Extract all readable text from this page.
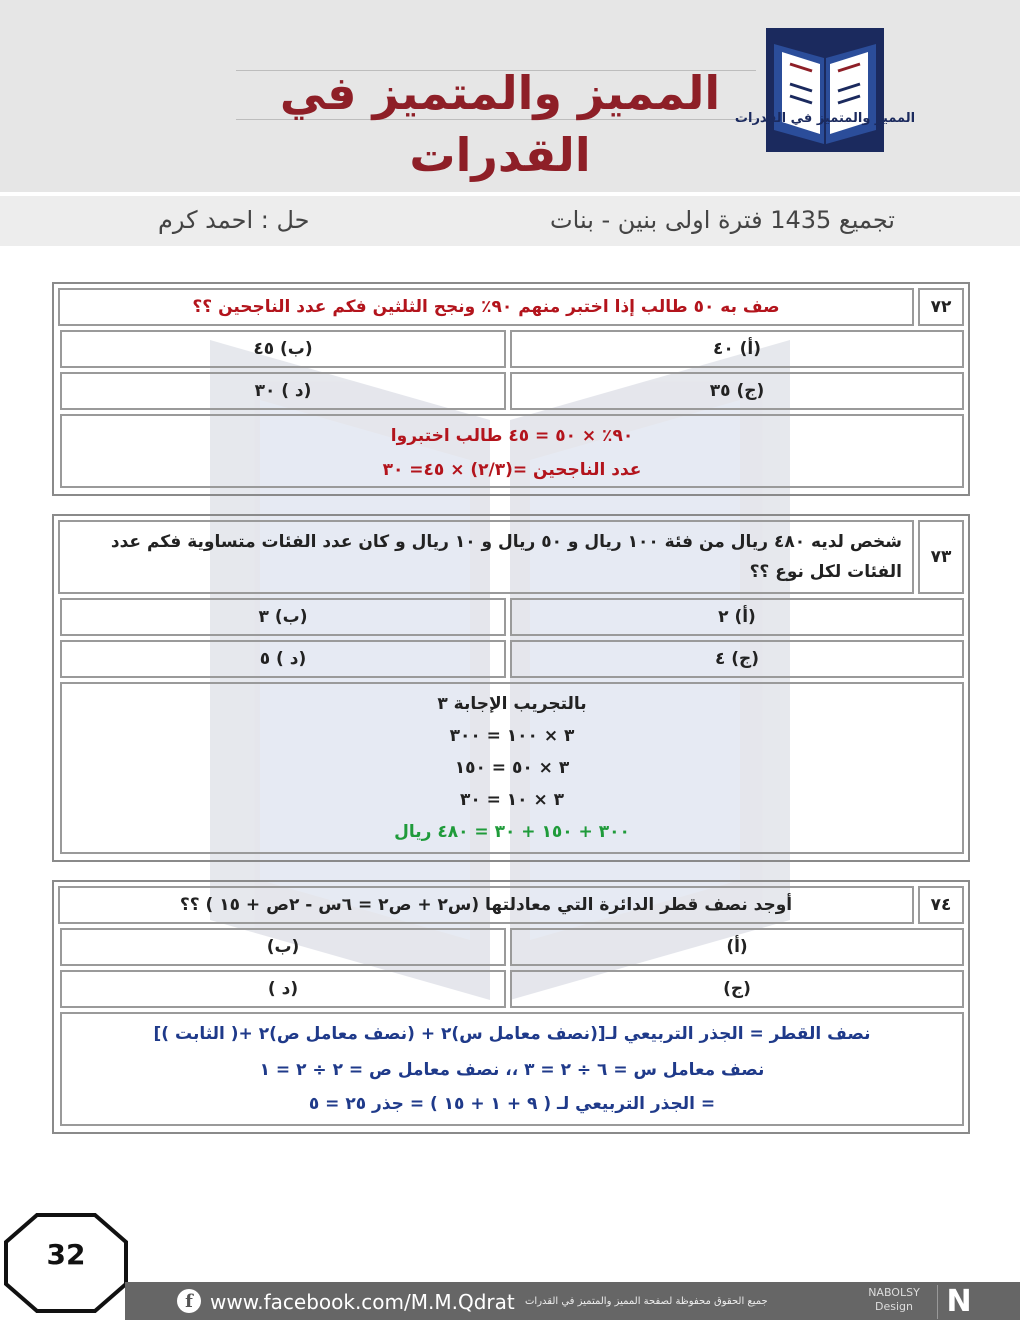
المميز والمتميز في القدرات
المميز والمتميز في القدرات
تجميع 1435 فترة اولى بنين - بنات
حل : احمد كرم
٧٢
صف به ٥٠ طالب إذا اختبر منهم ٩٠٪ ونجح الثلثين فكم عدد الناجحين ؟؟
(أ) ٤٠
(ب) ٤٥
(ج) ٣٥
(د ) ٣٠
٩٠٪ × ٥٠ = ٤٥ طالب اختبروا
عدد الناجحين =(٢/٣) × ٤٥= ٣٠
٧٣
شخص لديه ٤٨٠ ريال من فئة ١٠٠ ريال و ٥٠ ريال و ١٠ ريال و كان عدد الفئات متساوية فكم عدد الفئات لكل نوع ؟؟
(أ) ٢
(ب) ٣
(ج) ٤
(د ) ٥
بالتجريب الإجابة ٣
٣ × ١٠٠ = ٣٠٠
٣ × ٥٠ = ١٥٠
٣ × ١٠ = ٣٠
٣٠٠ + ١٥٠ + ٣٠ = ٤٨٠ ريال
٧٤
أوجد نصف قطر الدائرة التي معادلتها (س٢ + ص٢ = ٦س - ٢ص + ١٥ ) ؟؟
(أ)
(ب)
(ج)
(د )
نصف القطر = الجذر التربيعي لـ[(نصف معامل س)٢ + (نصف معامل ص)٢ +( الثابت )]
نصف معامل س = ٦ ÷ ٢ = ٣ ،، نصف معامل ص = ٢ ÷ ٢ = ١
= الجذر التربيعي لـ ( ٩ + ١ + ١٥ ) = جذر ٢٥ = ٥
32
f www.facebook.com/M.M.Qdrat جميع الحقوق محفوظة لصفحة المميز والمتميز في القدرات
NABOLSY
Design	N
